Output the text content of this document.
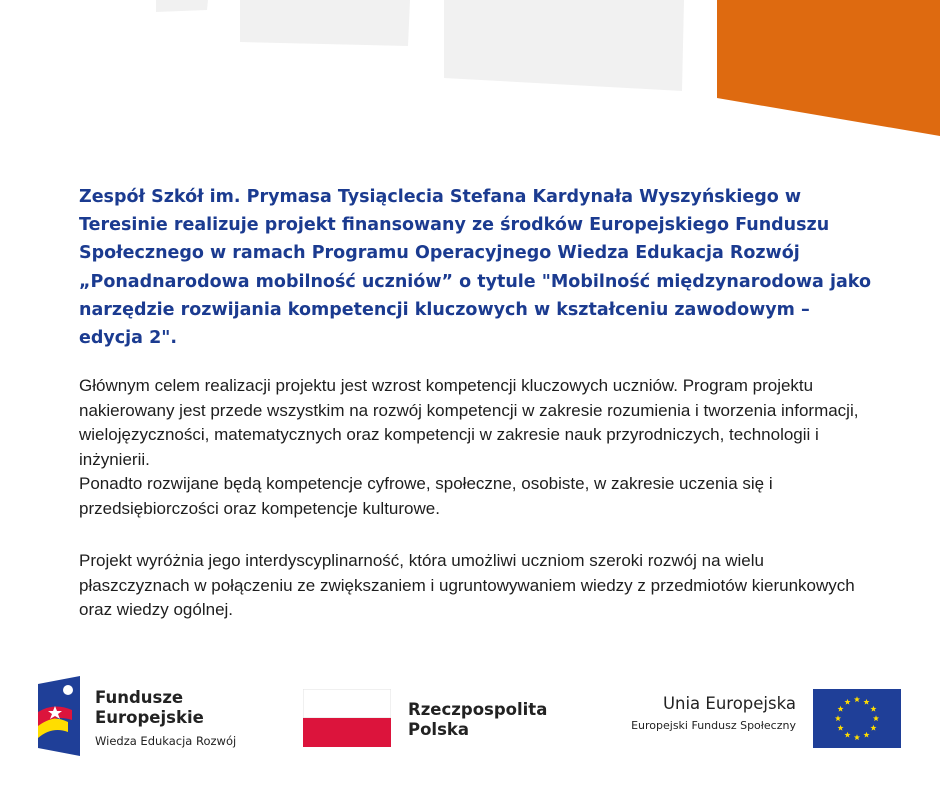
Zespół Szkół im. Prymasa Tysiąclecia Stefana Kardynała Wyszyńskiego w Teresinie realizuje projekt finansowany ze środków Europejskiego Funduszu Społecznego w ramach Programu Operacyjnego Wiedza Edukacja Rozwój „Ponadnarodowa mobilność uczniów” o tytule "Mobilność międzynarodowa jako narzędzie rozwijania kompetencji kluczowych w kształceniu zawodowym – edycja 2".

Głównym celem realizacji projektu jest wzrost kompetencji kluczowych uczniów. Program projektu nakierowany jest przede wszystkim na rozwój kompetencji w zakresie rozumienia i tworzenia informacji, wielojęzyczności, matematycznych oraz kompetencji w zakresie nauk przyrodniczych, technologii i inżynierii.
Ponadto rozwijane będą kompetencje cyfrowe, społeczne, osobiste, w zakresie uczenia się i przedsiębiorczości oraz kompetencje kulturowe.

Projekt wyróżnia jego interdyscyplinarność, która umożliwi uczniom szeroki rozwój na wielu płaszczyznach w połączeniu ze zwiększaniem i ugruntowywaniem wiedzy z przedmiotów kierunkowych oraz wiedzy ogólnej.

Fundusze
Europejskie
Wiedza Edukacja Rozwój
Rzeczpospolita
Polska
Unia Europejska
Europejski Fundusz Społeczny
